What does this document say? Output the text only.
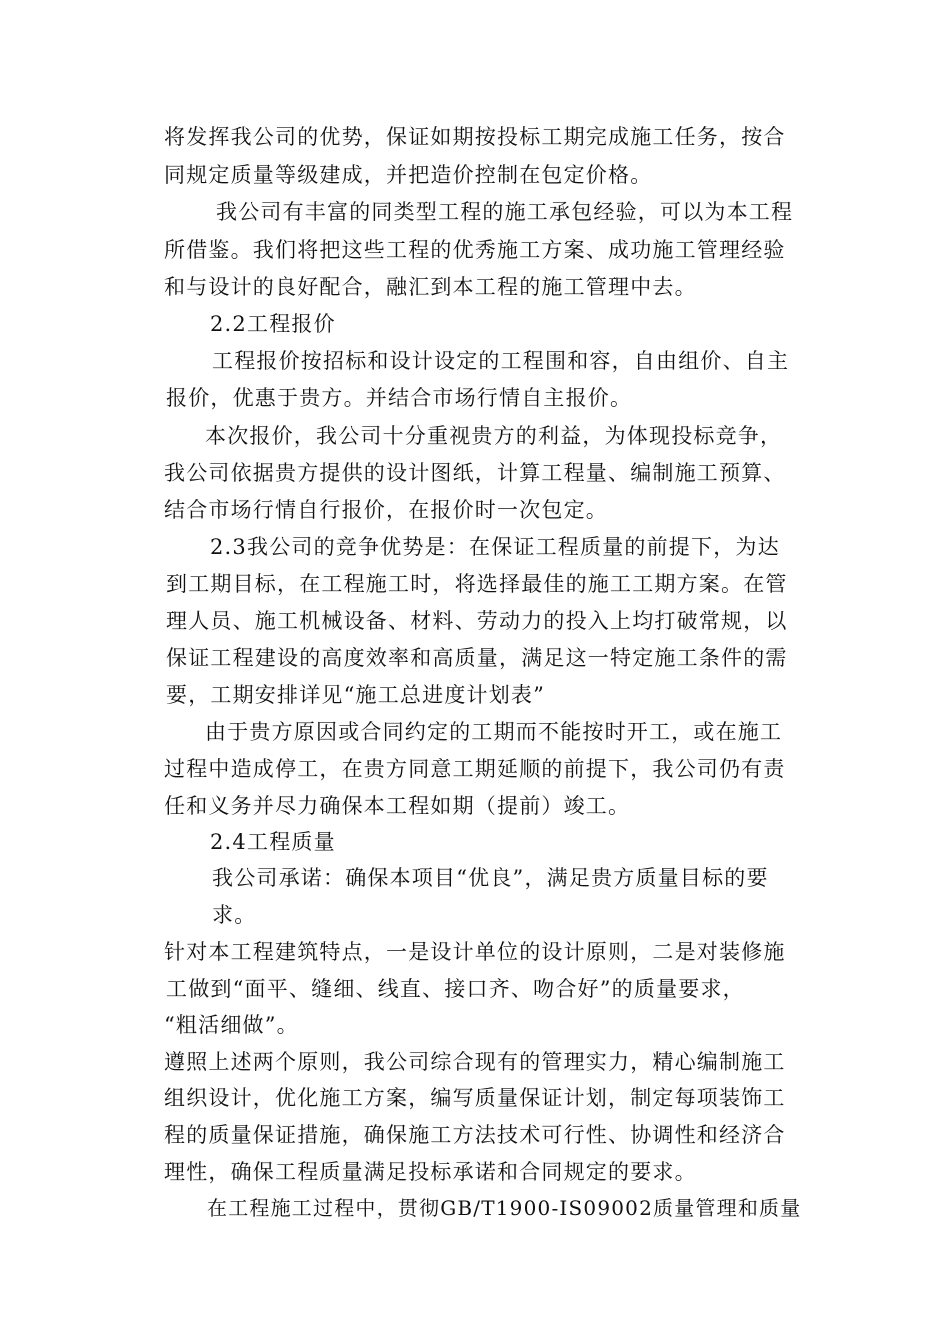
将发挥我公司的优势，保证如期按投标工期完成施工任务，按合
同规定质量等级建成，并把造价控制在包定价格。
我公司有丰富的同类型工程的施工承包经验，可以为本工程
所借鉴。我们将把这些工程的优秀施工方案、成功施工管理经验
和与设计的良好配合，融汇到本工程的施工管理中去。
2.2工程报价
工程报价按招标和设计设定的工程围和容，自由组价、自主
报价，优惠于贵方。并结合市场行情自主报价。
本次报价，我公司十分重视贵方的利益，为体现投标竞争，
我公司依据贵方提供的设计图纸，计算工程量、编制施工预算、
结合市场行情自行报价，在报价时一次包定。
2.3我公司的竞争优势是：在保证工程质量的前提下，为达
到工期目标，在工程施工时，将选择最佳的施工工期方案。在管
理人员、施工机械设备、材料、劳动力的投入上均打破常规，以
保证工程建设的高度效率和高质量，满足这一特定施工条件的需
要，工期安排详见“施工总进度计划表”
由于贵方原因或合同约定的工期而不能按时开工，或在施工
过程中造成停工，在贵方同意工期延顺的前提下，我公司仍有责
任和义务并尽力确保本工程如期（提前）竣工。
2.4工程质量
我公司承诺：确保本项目“优良”，满足贵方质量目标的要
求。
针对本工程建筑特点，一是设计单位的设计原则，二是对装修施
工做到“面平、缝细、线直、接口齐、吻合好”的质量要求，
“粗活细做”。
遵照上述两个原则，我公司综合现有的管理实力，精心编制施工
组织设计，优化施工方案，编写质量保证计划，制定每项装饰工
程的质量保证措施，确保施工方法技术可行性、协调性和经济合
理性，确保工程质量满足投标承诺和合同规定的要求。
在工程施工过程中，贯彻GB/T1900-IS09002质量管理和质量
